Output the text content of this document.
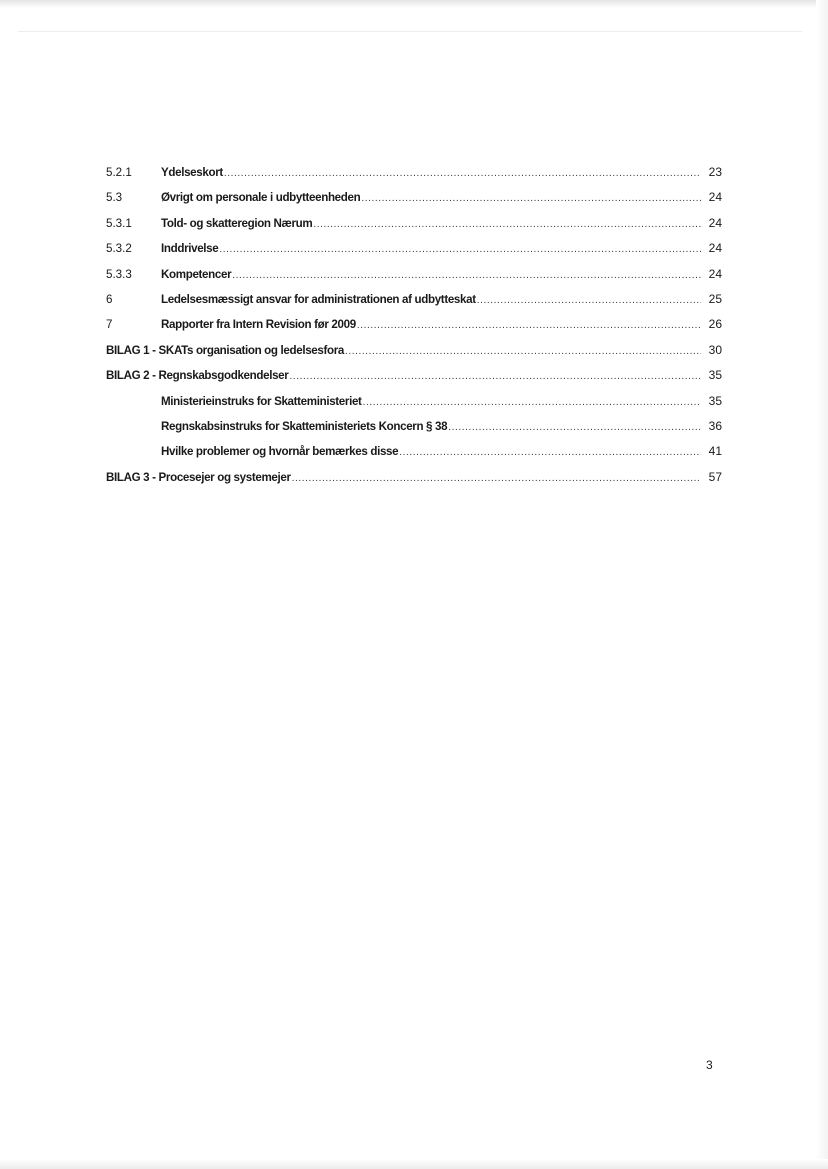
5.2.1	Ydelseskort .....	23
5.3	Øvrigt om personale i udbytteenheden .....	24
5.3.1	Told- og skatteregion Nærum .....	24
5.3.2	Inddrivelse .....	24
5.3.3	Kompetencer .....	24
6	Ledelsesmæssigt ansvar for administrationen af udbytteskat .....	25
7	Rapporter fra Intern Revision før 2009 .....	26
BILAG 1 - SKATs organisation og ledelsesfora .....	30
BILAG 2 - Regnskabsgodkendelser .....	35
Ministerieinstruks for Skatteministeriet .....	35
Regnskabsinstruks for Skatteministeriets Koncern § 38 .....	36
Hvilke problemer og hvornår bemærkes disse .....	41
BILAG 3 - Procesejer og systemejer .....	57
3
